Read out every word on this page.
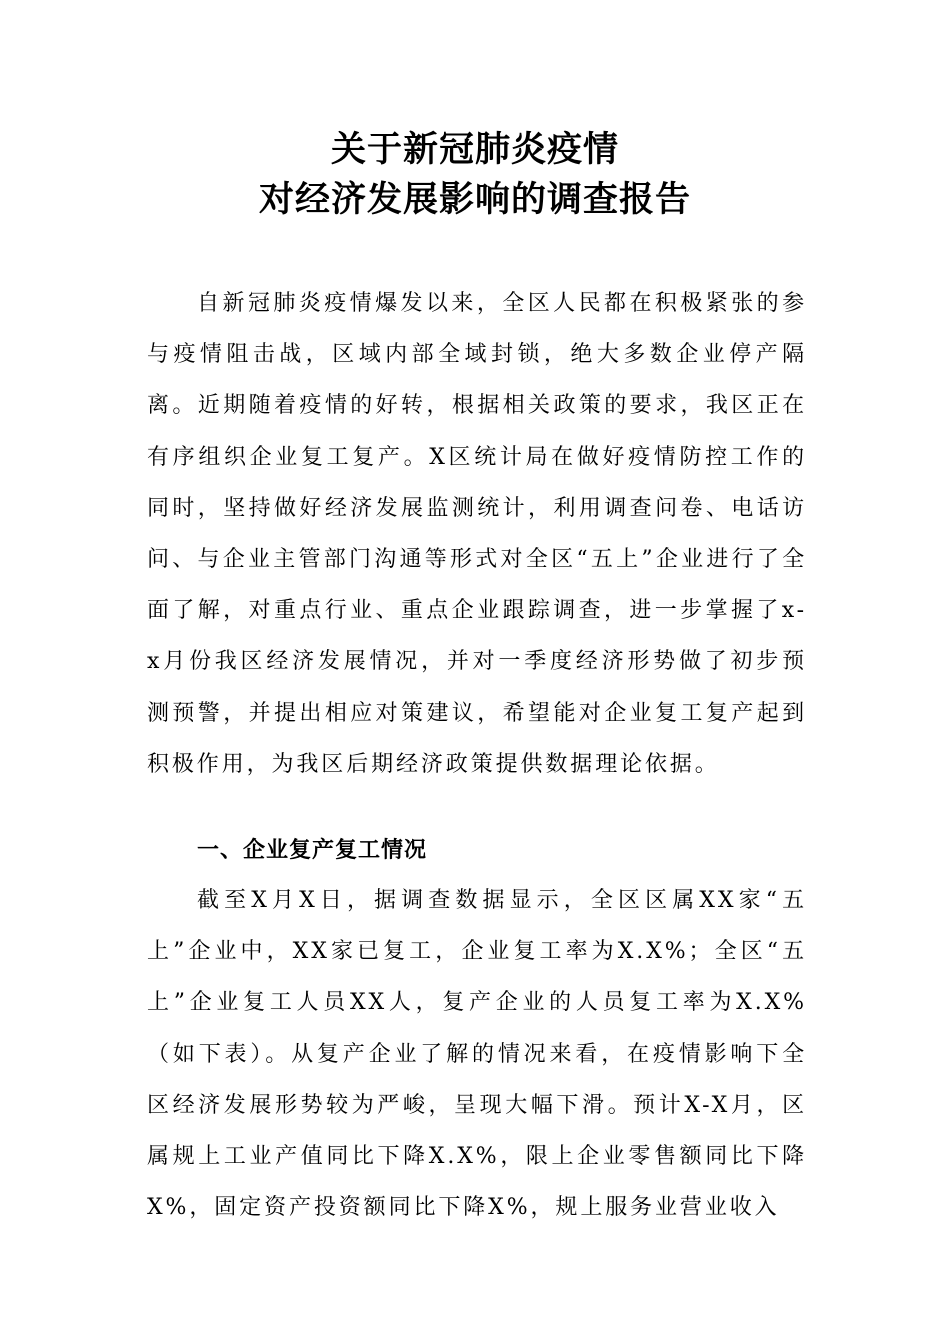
关于新冠肺炎疫情
对经济发展影响的调查报告

自新冠肺炎疫情爆发以来，全区人民都在积极紧张的参与疫情阻击战，区域内部全域封锁，绝大多数企业停产隔离。近期随着疫情的好转，根据相关政策的要求，我区正在有序组织企业复工复产。X区统计局在做好疫情防控工作的同时，坚持做好经济发展监测统计，利用调查问卷、电话访问、与企业主管部门沟通等形式对全区“五上”企业进行了全面了解，对重点行业、重点企业跟踪调查，进一步掌握了x-x月份我区经济发展情况，并对一季度经济形势做了初步预测预警，并提出相应对策建议，希望能对企业复工复产起到积极作用，为我区后期经济政策提供数据理论依据。

一、企业复产复工情况

截至X月X日，据调查数据显示，全区区属XX家“五上”企业中，XX家已复工，企业复工率为X.X%；全区“五上”企业复工人员XX人，复产企业的人员复工率为X.X%（如下表）。从复产企业了解的情况来看，在疫情影响下全区经济发展形势较为严峻，呈现大幅下滑。预计X-X月，区属规上工业产值同比下降X.X%，限上企业零售额同比下降X%，固定资产投资额同比下降X%，规上服务业营业收入
